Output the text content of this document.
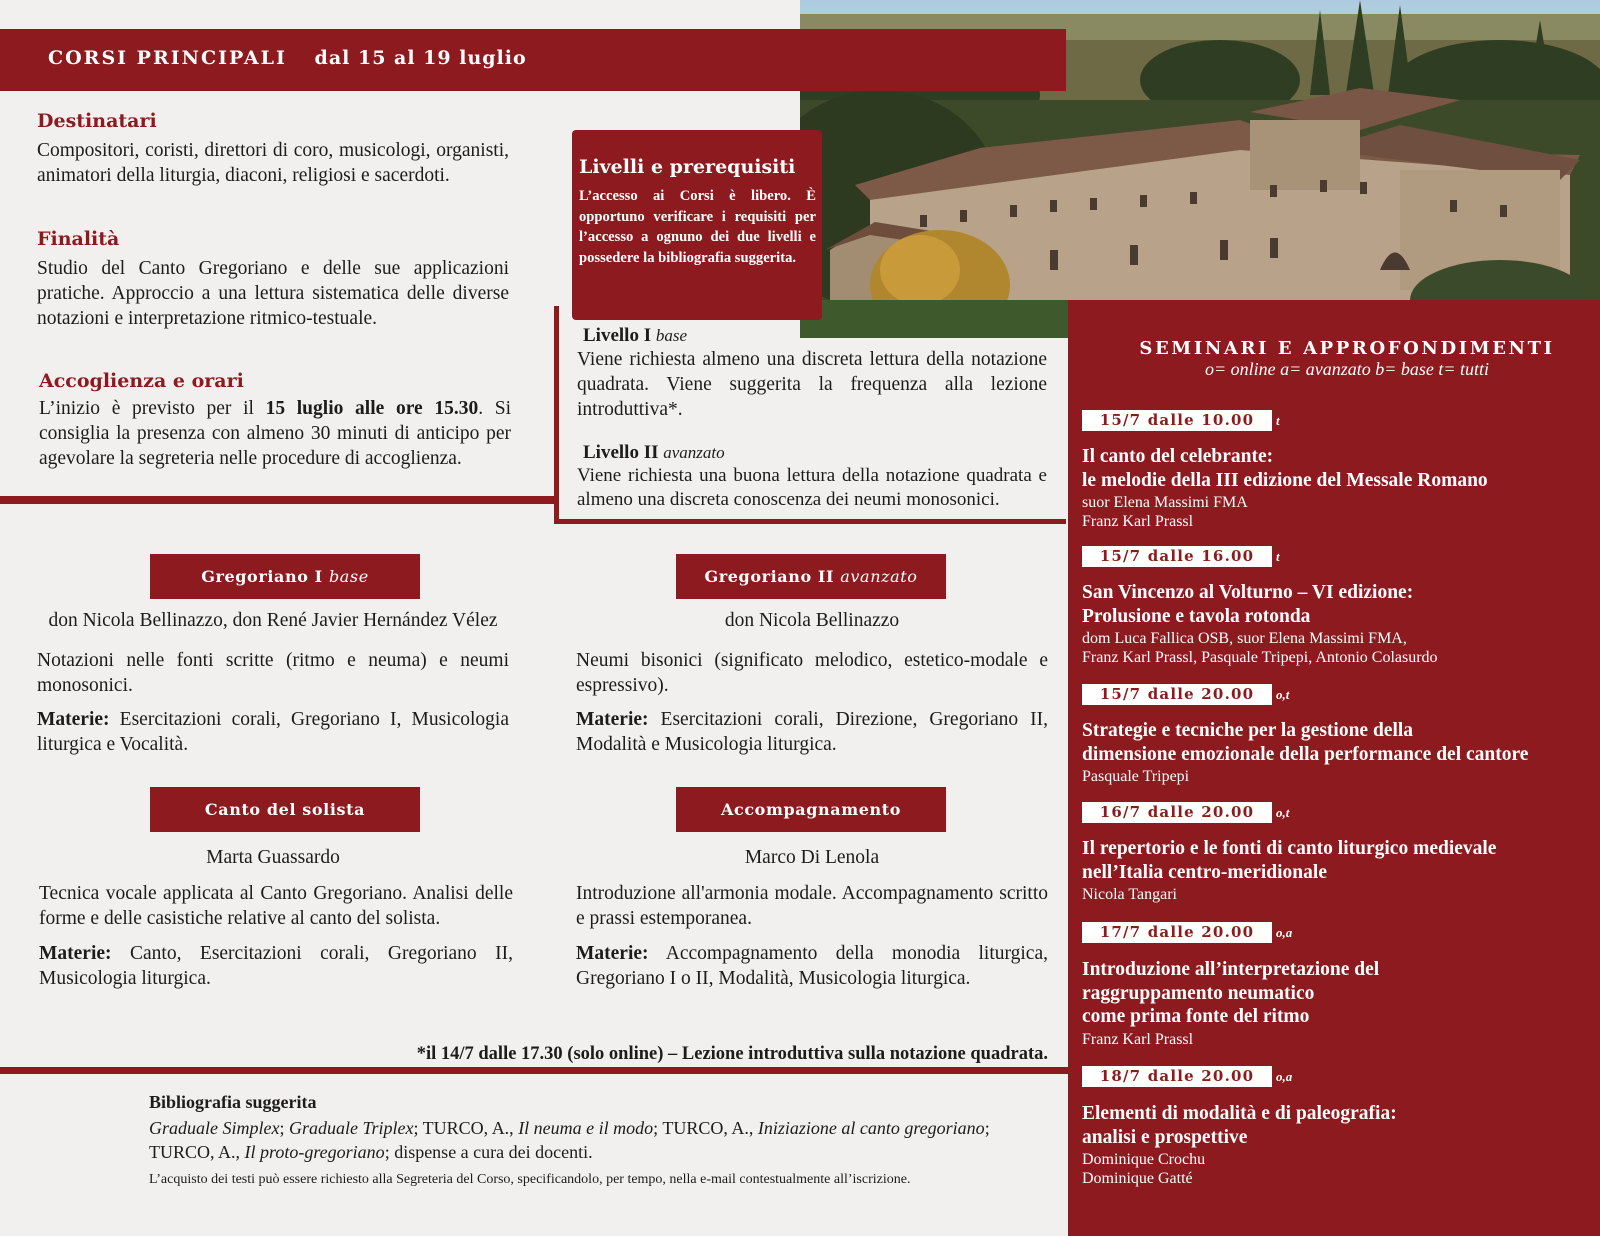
CORSI PRINCIPALI dal 15 al 19 luglio
Destinatari
Compositori, coristi, direttori di coro, musicologi, organisti, animatori della liturgia, diaconi, religiosi e sacerdoti.
Finalità
Studio del Canto Gregoriano e delle sue applicazioni pratiche. Approccio a una lettura sistematica delle diverse notazioni e interpretazione ritmico-testuale.
Accoglienza e orari
L’inizio è previsto per il 15 luglio alle ore 15.30. Si consiglia la presenza con almeno 30 minuti di anticipo per agevolare la segreteria nelle procedure di accoglienza.
Livelli e prerequisiti

L’accesso ai Corsi è libero. È opportuno verificare i requisiti per l’accesso a ognuno dei due livelli e possedere la bibliografia suggerita.

Livello I base
Viene richiesta almeno una discreta lettura della notazione quadrata. Viene suggerita la frequenza alla lezione introduttiva*.
Livello II avanzato
Viene richiesta una buona lettura della notazione quadrata e almeno una discreta conoscenza dei neumi monosonici.
Gregoriano I base
don Nicola Bellinazzo, don René Javier Hernández Vélez
Notazioni nelle fonti scritte (ritmo e neuma) e neumi monosonici.
Materie: Esercitazioni corali, Gregoriano I, Musicologia liturgica e Vocalità.
Gregoriano II avanzato
don Nicola Bellinazzo
Neumi bisonici (significato melodico, estetico-modale e espressivo).
Materie: Esercitazioni corali, Direzione, Gregoriano II, Modalità e Musicologia liturgica.
Canto del solista
Marta Guassardo
Tecnica vocale applicata al Canto Gregoriano. Analisi delle forme e delle casistiche relative al canto del solista.
Materie: Canto, Esercitazioni corali, Gregoriano II, Musicologia liturgica.
Accompagnamento
Marco Di Lenola
Introduzione all'armonia modale. Accompagnamento scritto e prassi estemporanea.
Materie: Accompagnamento della monodia liturgica, Gregoriano I o II, Modalità, Musicologia liturgica.
*il 14/7 dalle 17.30 (solo online) – Lezione introduttiva sulla notazione quadrata.
Bibliografia suggerita
Graduale Simplex; Graduale Triplex; TURCO, A., Il neuma e il modo; TURCO, A., Iniziazione al canto gregoriano; TURCO, A., Il proto-gregoriano; dispense a cura dei docenti.
L’acquisto dei testi può essere richiesto alla Segreteria del Corso, specificandolo, per tempo, nella e-mail contestualmente all’iscrizione.
SEMINARI E APPROFONDIMENTI
o= online a= avanzato b= base t= tutti
15/7 dalle 10.00 t
Il canto del celebrante:
le melodie della III edizione del Messale Romano
suor Elena Massimi FMA
Franz Karl Prassl
15/7 dalle 16.00 t
San Vincenzo al Volturno – VI edizione:
Prolusione e tavola rotonda
dom Luca Fallica OSB, suor Elena Massimi FMA,
Franz Karl Prassl, Pasquale Tripepi, Antonio Colasurdo
15/7 dalle 20.00 o,t
Strategie e tecniche per la gestione della
dimensione emozionale della performance del cantore
Pasquale Tripepi
16/7 dalle 20.00 o,t
Il repertorio e le fonti di canto liturgico medievale
nell’Italia centro-meridionale
Nicola Tangari
17/7 dalle 20.00 o,a
Introduzione all’interpretazione del
raggruppamento neumatico
come prima fonte del ritmo
Franz Karl Prassl
18/7 dalle 20.00 o,a
Elementi di modalità e di paleografia:
analisi e prospettive
Dominique Crochu
Dominique Gatté
